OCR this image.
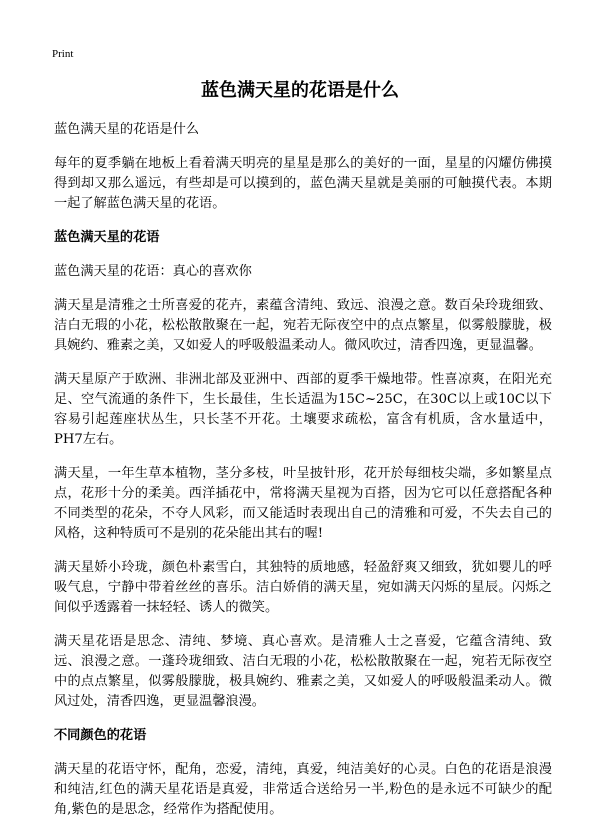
Print
蓝色满天星的花语是什么

蓝色满天星的花语是什么

每年的夏季躺在地板上看着满天明亮的星星是那么的美好的一面，星星的闪耀仿佛摸得到却又那么遥远，有些却是可以摸到的，蓝色满天星就是美丽的可触摸代表。本期一起了解蓝色满天星的花语。

蓝色满天星的花语

蓝色满天星的花语：真心的喜欢你

满天星是清雅之士所喜爱的花卉，素蕴含清纯、致远、浪漫之意。数百朵玲珑细致、洁白无瑕的小花，松松散散聚在一起，宛若无际夜空中的点点繁星，似雾般朦胧，极具婉约、雅素之美，又如爱人的呼吸般温柔动人。微风吹过，清香四逸，更显温馨。

满天星原产于欧洲、非洲北部及亚洲中、西部的夏季干燥地带。性喜凉爽，在阳光充足、空气流通的条件下，生长最佳，生长适温为15C~25C，在30C以上或10C以下容易引起莲座状丛生，只长茎不开花。土壤要求疏松，富含有机质，含水量适中，PH7左右。

满天星，一年生草本植物，茎分多枝，叶呈披针形，花开於每细枝尖端，多如繁星点点，花形十分的柔美。西洋插花中，常将满天星视为百搭，因为它可以任意搭配各种不同类型的花朵，不夺人风彩，而又能适时表现出自己的清雅和可爱，不失去自己的风格，这种特质可不是别的花朵能出其右的喔!

满天星娇小玲珑，颜色朴素雪白，其独特的质地感，轻盈舒爽又细致，犹如婴儿的呼吸气息，宁静中带着丝丝的喜乐。洁白娇俏的满天星，宛如满天闪烁的星辰。闪烁之间似乎透露着一抹轻轻、诱人的微笑。

满天星花语是思念、清纯、梦境、真心喜欢。是清雅人士之喜爱，它蕴含清纯、致远、浪漫之意。一蓬玲珑细致、洁白无瑕的小花，松松散散聚在一起，宛若无际夜空中的点点繁星，似雾般朦胧，极具婉约、雅素之美，又如爱人的呼吸般温柔动人。微风过处，清香四逸，更显温馨浪漫。

不同颜色的花语

满天星的花语守怀，配角，恋爱，清纯，真爱，纯洁美好的心灵。白色的花语是浪漫和纯洁,红色的满天星花语是真爱，非常适合送给另一半,粉色的是永远不可缺少的配角,紫色的是思念，经常作为搭配使用。
